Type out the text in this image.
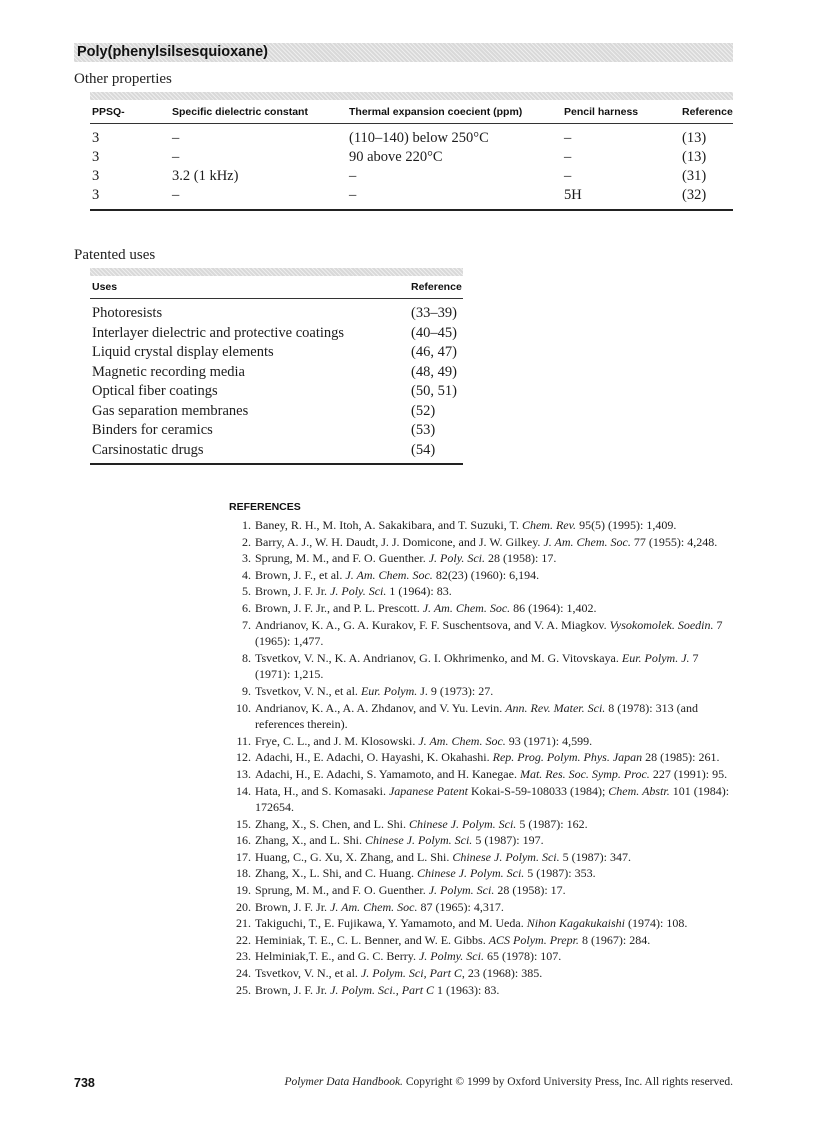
Poly(phenylsilsesquioxane)
Other properties
PPSQ-	Specific dielectric constant	Thermal expansion coecient (ppm)	Pencil harness	Reference
3	–	(110–140) below 250°C	–	(13)
3	–	90 above 220°C	–	(13)
3	3.2 (1 kHz)	–	–	(31)
3	–	–	5H	(32)
Patented uses
Uses	Reference
Photoresists	(33–39)
Interlayer dielectric and protective coatings	(40–45)
Liquid crystal display elements	(46, 47)
Magnetic recording media	(48, 49)
Optical fiber coatings	(50, 51)
Gas separation membranes	(52)
Binders for ceramics	(53)
Carsinostatic drugs	(54)
REFERENCES
1. Baney, R. H., M. Itoh, A. Sakakibara, and T. Suzuki, T. Chem. Rev. 95(5) (1995): 1,409.
2. Barry, A. J., W. H. Daudt, J. J. Domicone, and J. W. Gilkey. J. Am. Chem. Soc. 77 (1955): 4,248.
3. Sprung, M. M., and F. O. Guenther. J. Poly. Sci. 28 (1958): 17.
4. Brown, J. F., et al. J. Am. Chem. Soc. 82(23) (1960): 6,194.
5. Brown, J. F. Jr. J. Poly. Sci. 1 (1964): 83.
6. Brown, J. F. Jr., and P. L. Prescott. J. Am. Chem. Soc. 86 (1964): 1,402.
7. Andrianov, K. A., G. A. Kurakov, F. F. Suschentsova, and V. A. Miagkov. Vysokomolek. Soedin. 7 (1965): 1,477.
8. Tsvetkov, V. N., K. A. Andrianov, G. I. Okhrimenko, and M. G. Vitovskaya. Eur. Polym. J. 7 (1971): 1,215.
9. Tsvetkov, V. N., et al. Eur. Polym. J. 9 (1973): 27.
10. Andrianov, K. A., A. A. Zhdanov, and V. Yu. Levin. Ann. Rev. Mater. Sci. 8 (1978): 313 (and references therein).
11. Frye, C. L., and J. M. Klosowski. J. Am. Chem. Soc. 93 (1971): 4,599.
12. Adachi, H., E. Adachi, O. Hayashi, K. Okahashi. Rep. Prog. Polym. Phys. Japan 28 (1985): 261.
13. Adachi, H., E. Adachi, S. Yamamoto, and H. Kanegae. Mat. Res. Soc. Symp. Proc. 227 (1991): 95.
14. Hata, H., and S. Komasaki. Japanese Patent Kokai-S-59-108033 (1984); Chem. Abstr. 101 (1984): 172654.
15. Zhang, X., S. Chen, and L. Shi. Chinese J. Polym. Sci. 5 (1987): 162.
16. Zhang, X., and L. Shi. Chinese J. Polym. Sci. 5 (1987): 197.
17. Huang, C., G. Xu, X. Zhang, and L. Shi. Chinese J. Polym. Sci. 5 (1987): 347.
18. Zhang, X., L. Shi, and C. Huang. Chinese J. Polym. Sci. 5 (1987): 353.
19. Sprung, M. M., and F. O. Guenther. J. Polym. Sci. 28 (1958): 17.
20. Brown, J. F. Jr. J. Am. Chem. Soc. 87 (1965): 4,317.
21. Takiguchi, T., E. Fujikawa, Y. Yamamoto, and M. Ueda. Nihon Kagakukaishi (1974): 108.
22. Heminiak, T. E., C. L. Benner, and W. E. Gibbs. ACS Polym. Prepr. 8 (1967): 284.
23. Helminiak,T. E., and G. C. Berry. J. Polmy. Sci. 65 (1978): 107.
24. Tsvetkov, V. N., et al. J. Polym. Sci, Part C, 23 (1968): 385.
25. Brown, J. F. Jr. J. Polym. Sci., Part C 1 (1963): 83.
738	Polymer Data Handbook. Copyright © 1999 by Oxford University Press, Inc. All rights reserved.
